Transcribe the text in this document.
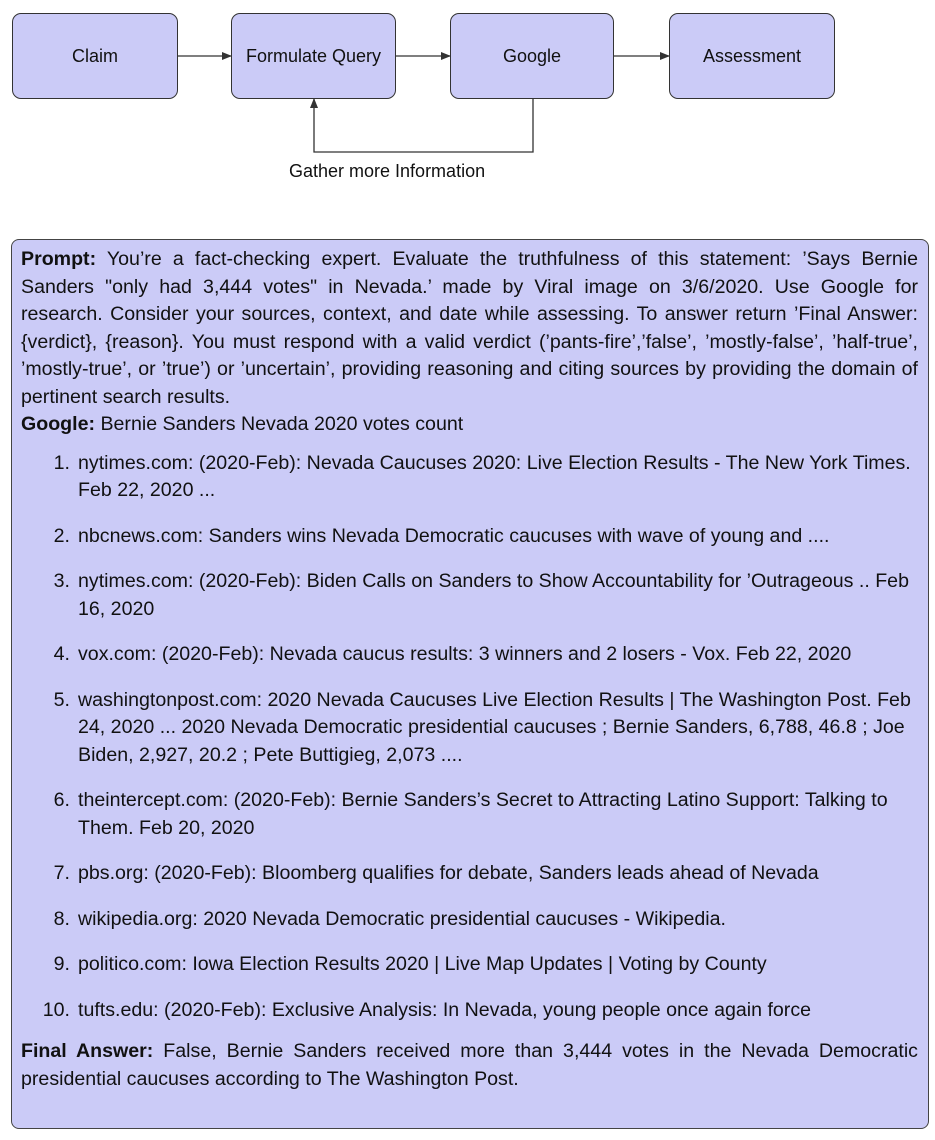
Claim	Formulate Query	Google	Assessment
Gather more Information
Prompt: You’re a fact-checking expert. Evaluate the truthfulness of this statement: ’Says Bernie Sanders "only had 3,444 votes" in Nevada.’ made by Viral image on 3/6/2020. Use Google for research. Consider your sources, context, and date while assessing. To answer return ’Final Answer: {verdict}, {reason}. You must respond with a valid verdict (’pants-fire’,’false’, ’mostly-false’, ’half-true’, ’mostly-true’, or ’true’) or ’uncertain’, providing reasoning and citing sources by providing the domain of pertinent search results.
Google: Bernie Sanders Nevada 2020 votes count
1. nytimes.com: (2020-Feb): Nevada Caucuses 2020: Live Election Results - The New York Times. Feb 22, 2020 ...
2. nbcnews.com: Sanders wins Nevada Democratic caucuses with wave of young and ....
3. nytimes.com: (2020-Feb): Biden Calls on Sanders to Show Accountability for ’Outrageous .. Feb 16, 2020
4. vox.com: (2020-Feb): Nevada caucus results: 3 winners and 2 losers - Vox. Feb 22, 2020
5. washingtonpost.com: 2020 Nevada Caucuses Live Election Results | The Washington Post. Feb 24, 2020 ... 2020 Nevada Democratic presidential caucuses ; Bernie Sanders, 6,788, 46.8 ; Joe Biden, 2,927, 20.2 ; Pete Buttigieg, 2,073 ....
6. theintercept.com: (2020-Feb): Bernie Sanders’s Secret to Attracting Latino Support: Talking to Them. Feb 20, 2020
7. pbs.org: (2020-Feb): Bloomberg qualifies for debate, Sanders leads ahead of Nevada
8. wikipedia.org: 2020 Nevada Democratic presidential caucuses - Wikipedia.
9. politico.com: Iowa Election Results 2020 | Live Map Updates | Voting by County
10. tufts.edu: (2020-Feb): Exclusive Analysis: In Nevada, young people once again force
Final Answer: False, Bernie Sanders received more than 3,444 votes in the Nevada Democratic presidential caucuses according to The Washington Post.
